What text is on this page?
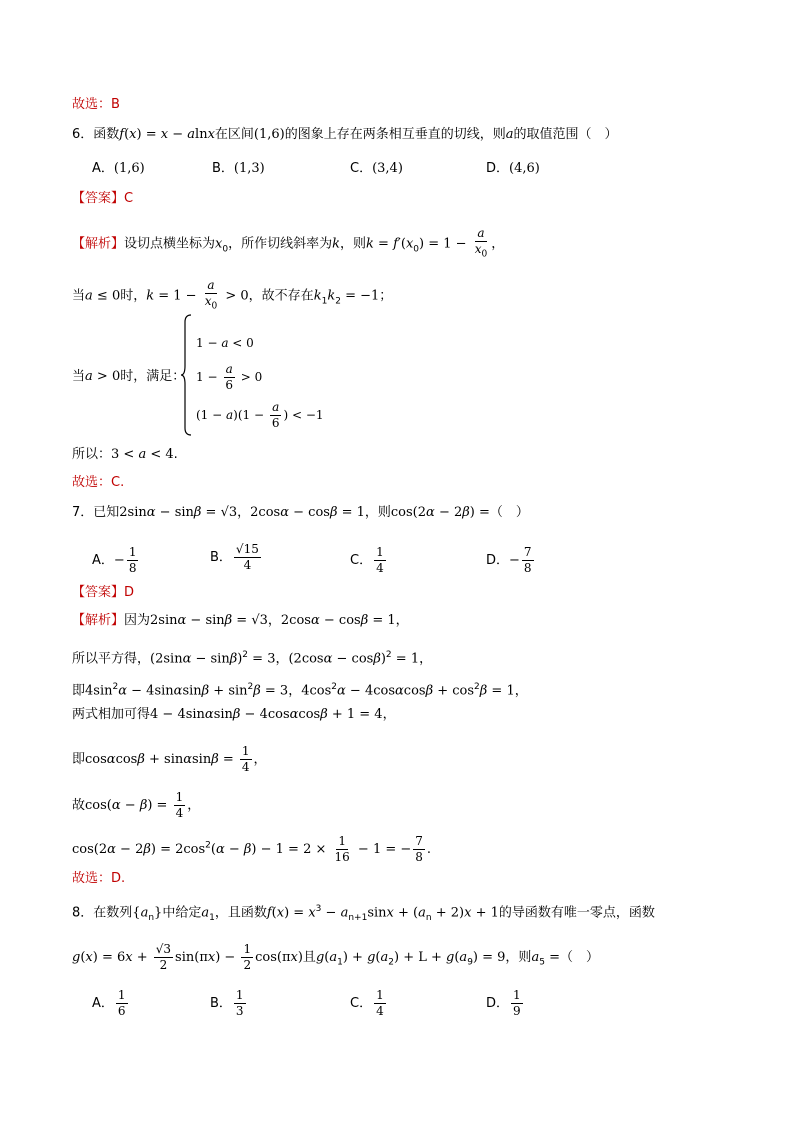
故选：B
6．函数f(x) = x − alnx在区间(1,6)的图象上存在两条相互垂直的切线，则a的取值范围（　）
A．(1,6)	B．(1,3)	C．(3,4)	D．(4,6)
【答案】C
【解析】设切点横坐标为$x_0$，所作切线斜率为k，则$k = f'(x_0) = 1 - \frac{a}{x_0}$ ，
当a ≤ 0时，$k = 1 - \frac{a}{x_0} > 0$，故不存在$k_1k_2 = -1$；
当a > 0时，满足：
1 − a < 0
$1 - \frac{a}{6} > 0$
$(1 - a)(1 - \frac{a}{6}$ ) < −1
所以：3 < a < 4.
故选：C.
7．已知2sinα − sinβ = √3，2cosα − cosβ = 1，则cos(2α − 2β) =（　）
A．− $\frac{1}{8}$	B． $\frac{√15}{4}$	C． $\frac{1}{4}$	D．− $\frac{7}{8}$
【答案】D
【解析】因为2sinα − sinβ = √3，2cosα − cosβ = 1，
所以平方得，$(2\sin\alpha - \sin\beta)^2 = 3$，$(2\cos\alpha - \cos\beta)^2 = 1$，
即$4\sin^2\alpha - 4\sin\alpha\sin\beta + \sin^2\beta = 3$，$4\cos^2\alpha - 4\cos\alpha\cos\beta + \cos^2\beta = 1$，
两式相加可得4 − 4sinαsinβ − 4cosαcosβ + 1 = 4，
即$\cos\alpha\cos\beta + \sin\alpha\sin\beta = \frac{1}{4}$ ，
故$\cos(\alpha - \beta) = \frac{1}{4}$ ，
$\cos(2\alpha - 2\beta) = 2\cos^2(\alpha - \beta) - 1 = 2 \times \frac{1}{16} - 1$ = − $\frac{7}{8}$ .
故选：D.
8．在数列$\{a_n\}$中给定$a_1$，且函数$f(x) = x^3 - a_{n+1}\sin x + (a_n + 2)x + 1$的导函数有唯一零点，函数
$g(x) = 6x + \frac{√3}{2} \sin(\pi x) - \frac{1}{2} \cos(\pi x)$且$g(a_1) + g(a_2) + L + g(a_9) = 9$，则$a_5$ =（　）
A． $\frac{1}{6}$	B． $\frac{1}{3}$	C． $\frac{1}{4}$	D． $\frac{1}{9}$
